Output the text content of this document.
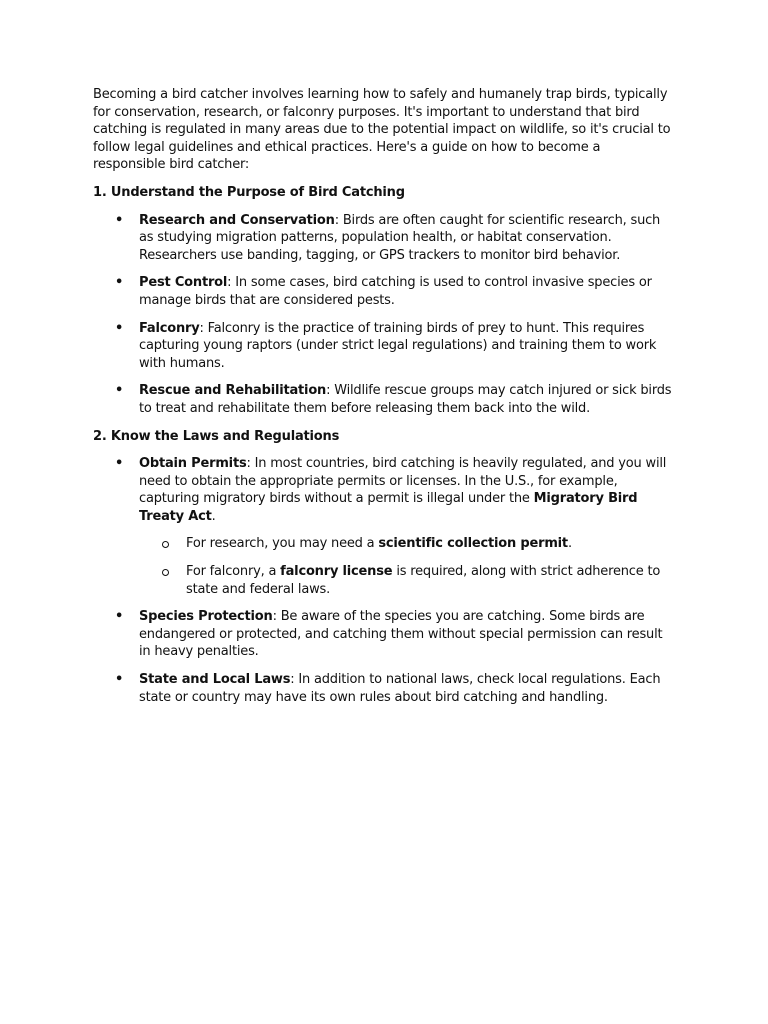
Becoming a bird catcher involves learning how to safely and humanely trap birds, typically for conservation, research, or falconry purposes. It's important to understand that bird catching is regulated in many areas due to the potential impact on wildlife, so it's crucial to follow legal guidelines and ethical practices. Here's a guide on how to become a responsible bird catcher:

1. Understand the Purpose of Bird Catching

• Research and Conservation: Birds are often caught for scientific research, such as studying migration patterns, population health, or habitat conservation. Researchers use banding, tagging, or GPS trackers to monitor bird behavior.
• Pest Control: In some cases, bird catching is used to control invasive species or manage birds that are considered pests.
• Falconry: Falconry is the practice of training birds of prey to hunt. This requires capturing young raptors (under strict legal regulations) and training them to work with humans.
• Rescue and Rehabilitation: Wildlife rescue groups may catch injured or sick birds to treat and rehabilitate them before releasing them back into the wild.

2. Know the Laws and Regulations

• Obtain Permits: In most countries, bird catching is heavily regulated, and you will need to obtain the appropriate permits or licenses. In the U.S., for example, capturing migratory birds without a permit is illegal under the Migratory Bird Treaty Act.
For research, you may need a scientific collection permit.
For falconry, a falconry license is required, along with strict adherence to state and federal laws.
• Species Protection: Be aware of the species you are catching. Some birds are endangered or protected, and catching them without special permission can result in heavy penalties.
• State and Local Laws: In addition to national laws, check local regulations. Each state or country may have its own rules about bird catching and handling.
